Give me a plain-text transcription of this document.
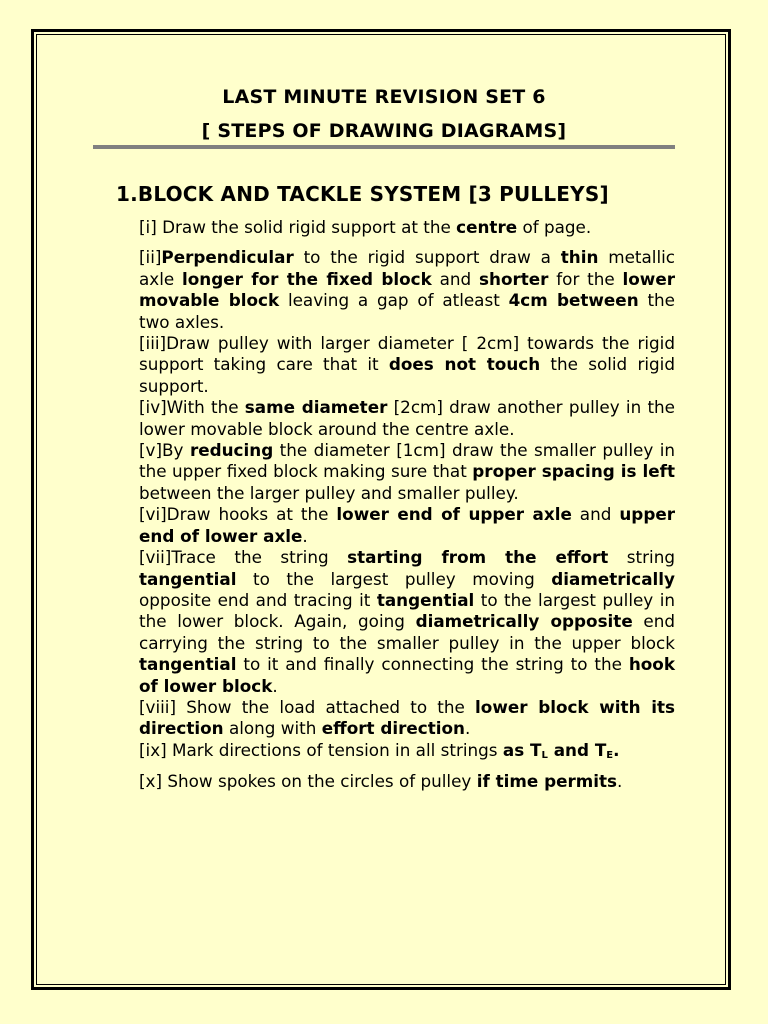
LAST MINUTE REVISION SET 6
[ STEPS OF DRAWING DIAGRAMS]
1.BLOCK AND TACKLE SYSTEM [3 PULLEYS]

[i] Draw the solid rigid support at the centre of page.

[ii]Perpendicular to the rigid support draw a thin metallic axle longer for the fixed block and shorter for the lower movable block leaving a gap of atleast 4cm between the two axles.

[iii]Draw pulley with larger diameter [ 2cm] towards the rigid support taking care that it does not touch the solid rigid support.

[iv]With the same diameter [2cm] draw another pulley in the lower movable block around the centre axle.

[v]By reducing the diameter [1cm] draw the smaller pulley in the upper fixed block making sure that proper spacing is left between the larger pulley and smaller pulley.

[vi]Draw hooks at the lower end of upper axle and upper end of lower axle.

[vii]Trace the string starting from the effort string tangential to the largest pulley moving diametrically opposite end and tracing it tangential to the largest pulley in the lower block. Again, going diametrically opposite end carrying the string to the smaller pulley in the upper block tangential to it and finally connecting the string to the hook of lower block.

[viii] Show the load attached to the lower block with its direction along with effort direction.

[ix] Mark directions of tension in all strings as $T_L$ and $T_E$.

[x] Show spokes on the circles of pulley if time permits.
